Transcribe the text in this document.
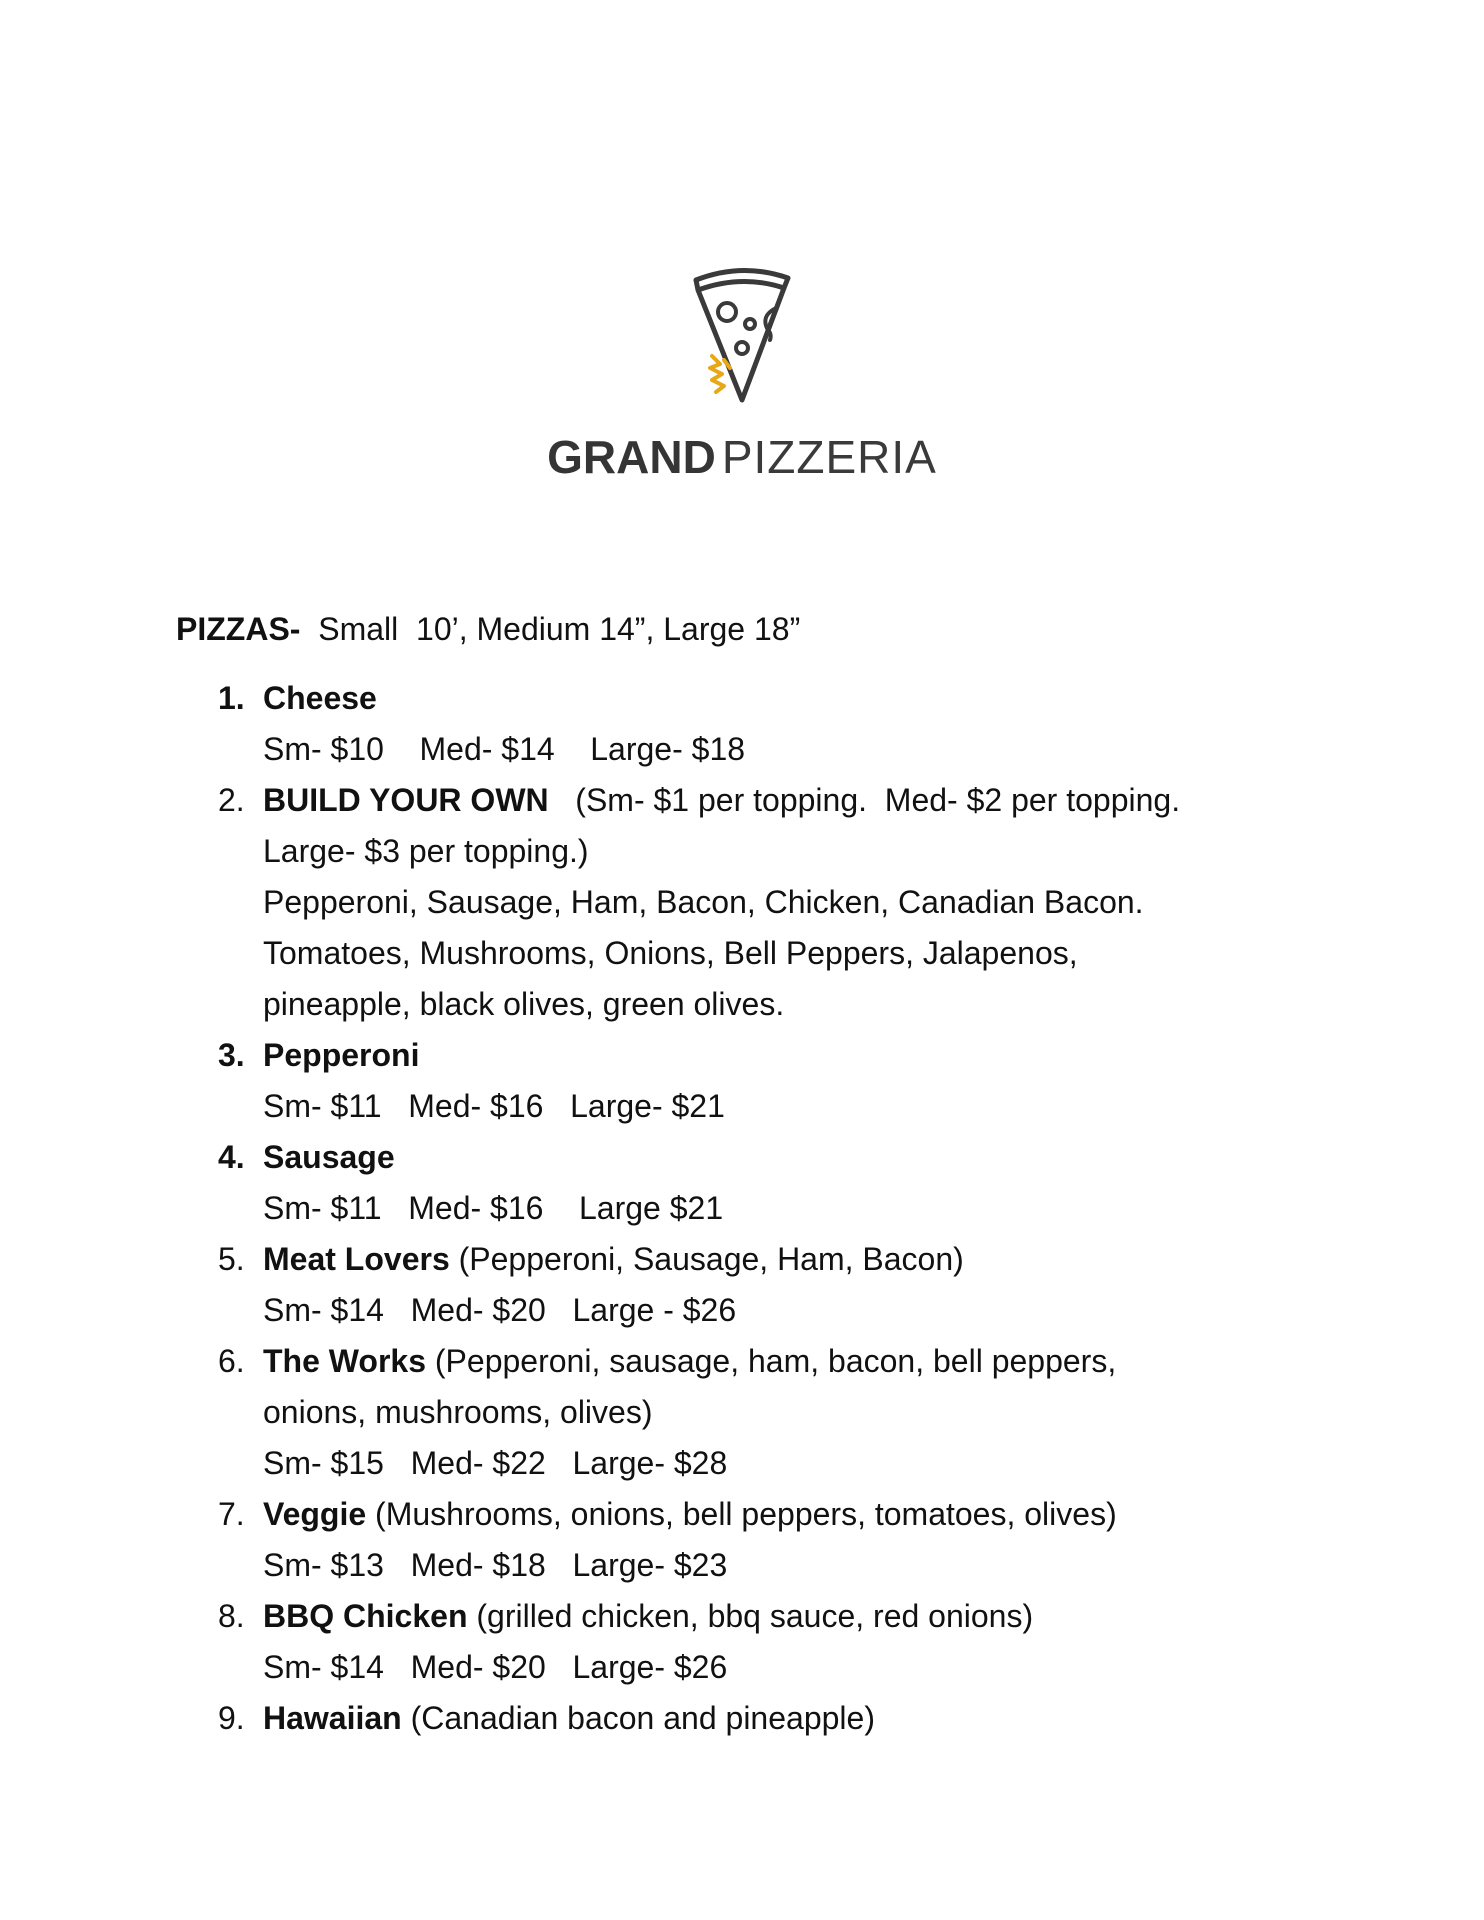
GRAND PIZZERIA
PIZZAS-  Small  10’, Medium 14”, Large 18”
1. Cheese
Sm- $10    Med- $14    Large- $18
2. BUILD YOUR OWN   (Sm- $1 per topping.  Med- $2 per topping.
Large- $3 per topping.)
Pepperoni, Sausage, Ham, Bacon, Chicken, Canadian Bacon.
Tomatoes, Mushrooms, Onions, Bell Peppers, Jalapenos,
pineapple, black olives, green olives.
3. Pepperoni
Sm- $11   Med- $16   Large- $21
4. Sausage
Sm- $11   Med- $16    Large $21
5. Meat Lovers (Pepperoni, Sausage, Ham, Bacon)
Sm- $14   Med- $20   Large - $26
6. The Works (Pepperoni, sausage, ham, bacon, bell peppers,
onions, mushrooms, olives)
Sm- $15   Med- $22   Large- $28
7. Veggie (Mushrooms, onions, bell peppers, tomatoes, olives)
Sm- $13   Med- $18   Large- $23
8. BBQ Chicken (grilled chicken, bbq sauce, red onions)
Sm- $14   Med- $20   Large- $26
9. Hawaiian (Canadian bacon and pineapple)
